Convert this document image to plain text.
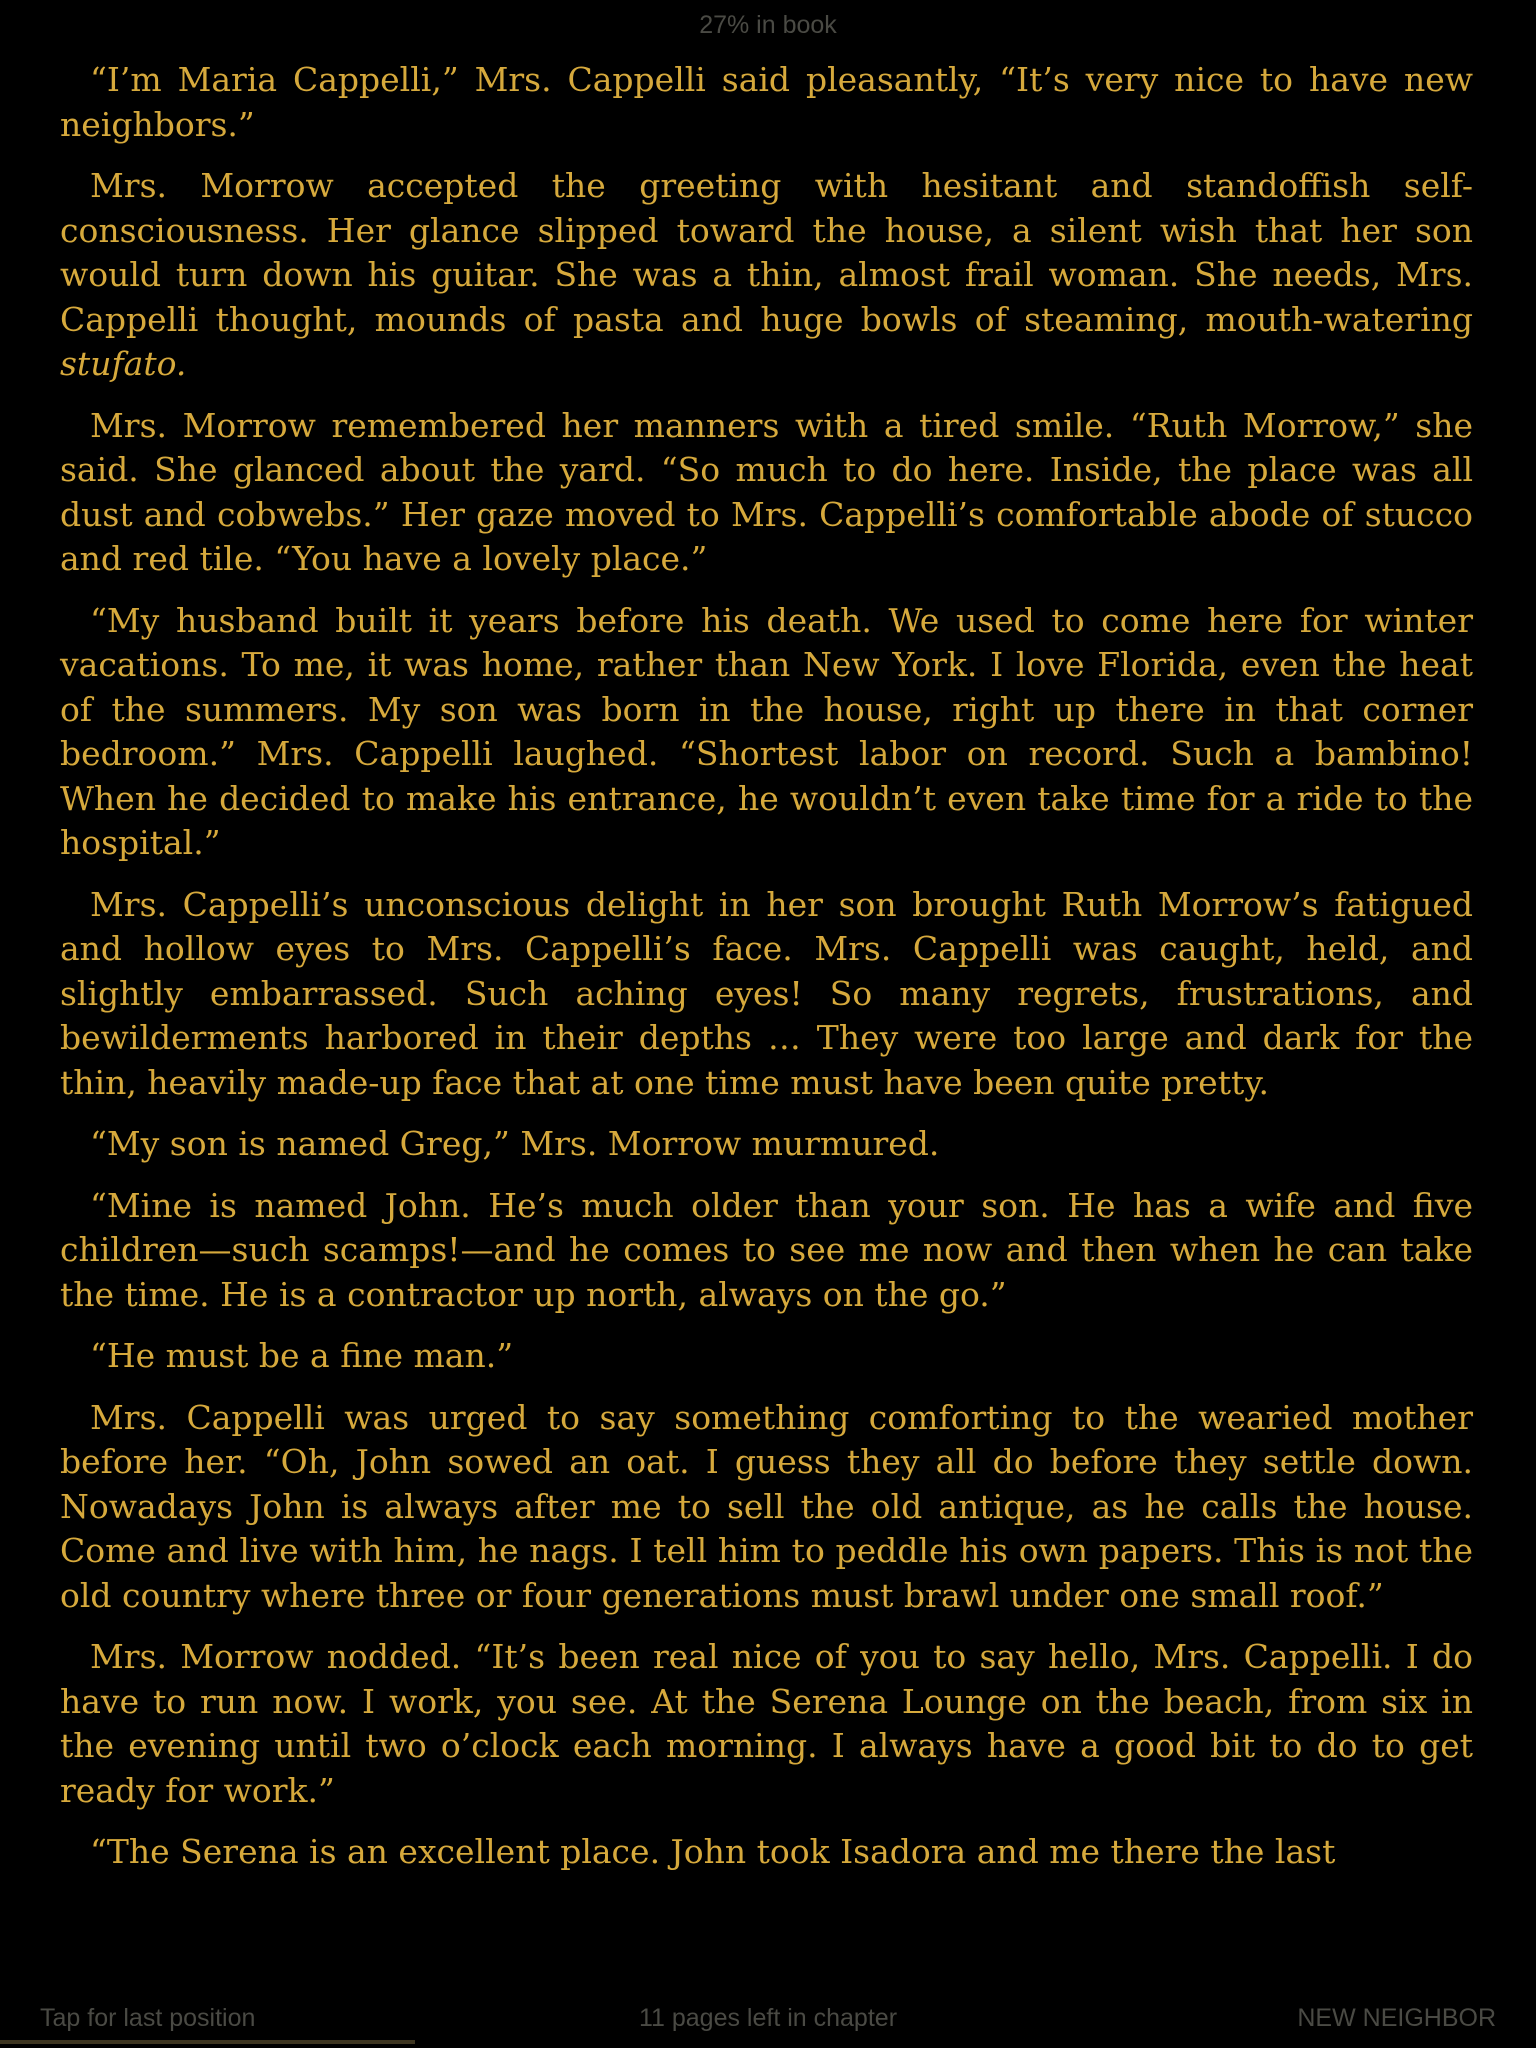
27% in book

“I’m Maria Cappelli,” Mrs. Cappelli said pleasantly, “It’s very nice to have new neighbors.”

Mrs. Morrow accepted the greeting with hesitant and standoffish self-consciousness. Her glance slipped toward the house, a silent wish that her son would turn down his guitar. She was a thin, almost frail woman. She needs, Mrs. Cappelli thought, mounds of pasta and huge bowls of steaming, mouth-watering stufato.

Mrs. Morrow remembered her manners with a tired smile. “Ruth Morrow,” she said. She glanced about the yard. “So much to do here. Inside, the place was all dust and cobwebs.” Her gaze moved to Mrs. Cappelli’s comfortable abode of stucco and red tile. “You have a lovely place.”

“My husband built it years before his death. We used to come here for winter vacations. To me, it was home, rather than New York. I love Florida, even the heat of the summers. My son was born in the house, right up there in that corner bedroom.” Mrs. Cappelli laughed. “Shortest labor on record. Such a bambino! When he decided to make his entrance, he wouldn’t even take time for a ride to the hospital.”

Mrs. Cappelli’s unconscious delight in her son brought Ruth Morrow’s fatigued and hollow eyes to Mrs. Cappelli’s face. Mrs. Cappelli was caught, held, and slightly embarrassed. Such aching eyes! So many regrets, frustrations, and bewilderments harbored in their depths … They were too large and dark for the thin, heavily made-up face that at one time must have been quite pretty.

“My son is named Greg,” Mrs. Morrow murmured.

“Mine is named John. He’s much older than your son. He has a wife and five children—such scamps!—and he comes to see me now and then when he can take the time. He is a contractor up north, always on the go.”

“He must be a fine man.”

Mrs. Cappelli was urged to say something comforting to the wearied mother before her. “Oh, John sowed an oat. I guess they all do before they settle down. Nowadays John is always after me to sell the old antique, as he calls the house. Come and live with him, he nags. I tell him to peddle his own papers. This is not the old country where three or four generations must brawl under one small roof.”

Mrs. Morrow nodded. “It’s been real nice of you to say hello, Mrs. Cappelli. I do have to run now. I work, you see. At the Serena Lounge on the beach, from six in the evening until two o’clock each morning. I always have a good bit to do to get ready for work.”

“The Serena is an excellent place. John took Isadora and me there the last

Tap for last position	11 pages left in chapter	NEW NEIGHBOR
